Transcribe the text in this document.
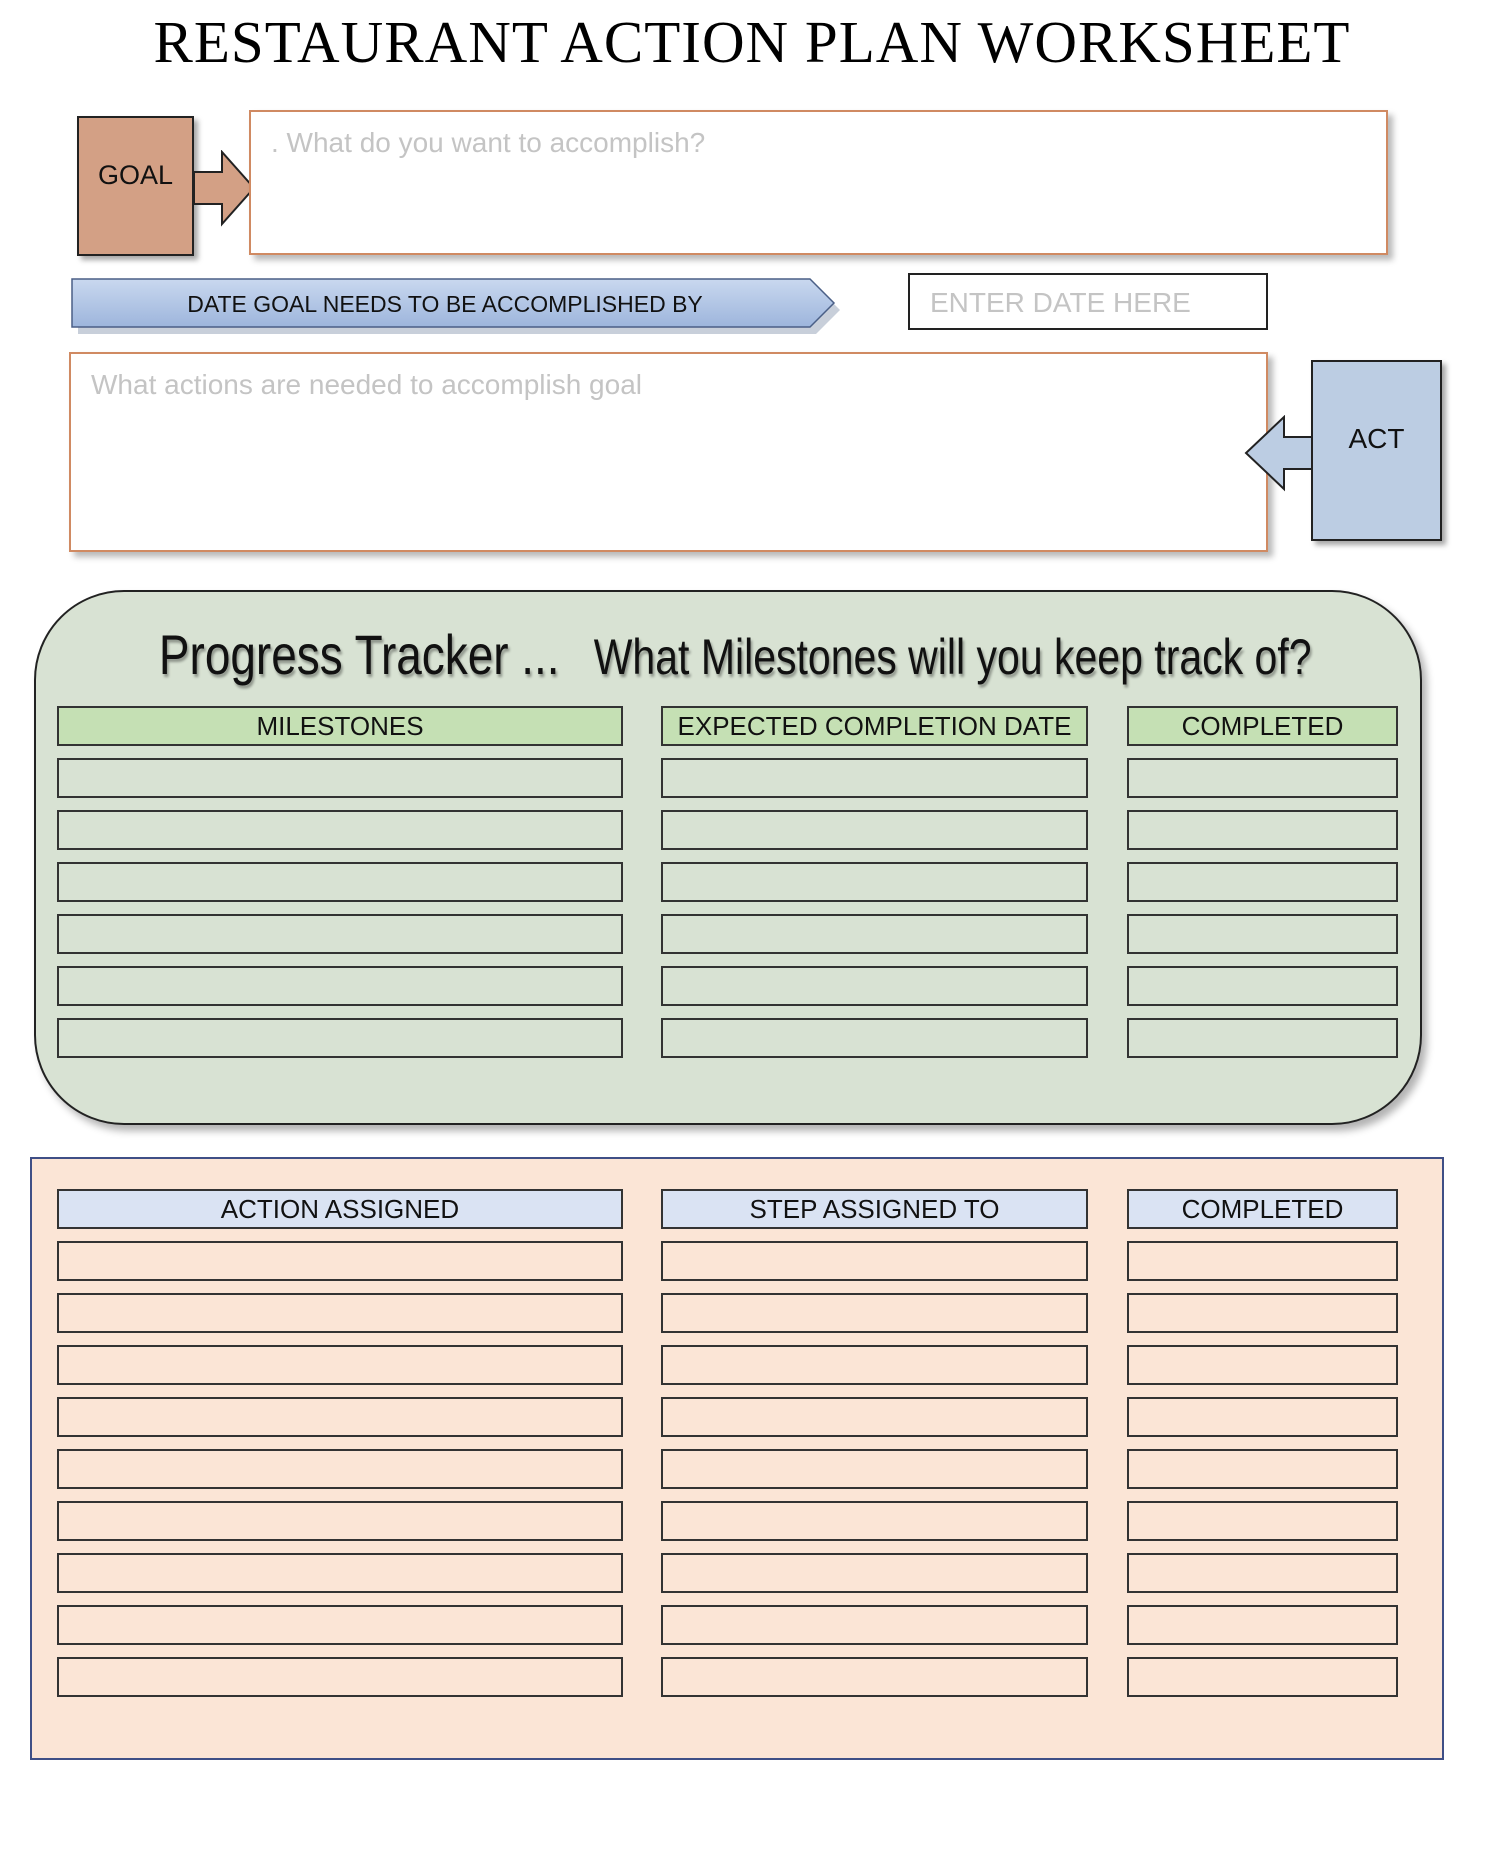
RESTAURANT ACTION PLAN WORKSHEET
GOAL
. What do you want to accomplish?
DATE GOAL NEEDS TO BE ACCOMPLISHED BY	ENTER DATE HERE
What actions are needed to accomplish goal
ACT
Progress Tracker ... What Milestones will you keep track of?
MILESTONES	EXPECTED COMPLETION DATE	COMPLETED
ACTION ASSIGNED	STEP ASSIGNED TO	COMPLETED
